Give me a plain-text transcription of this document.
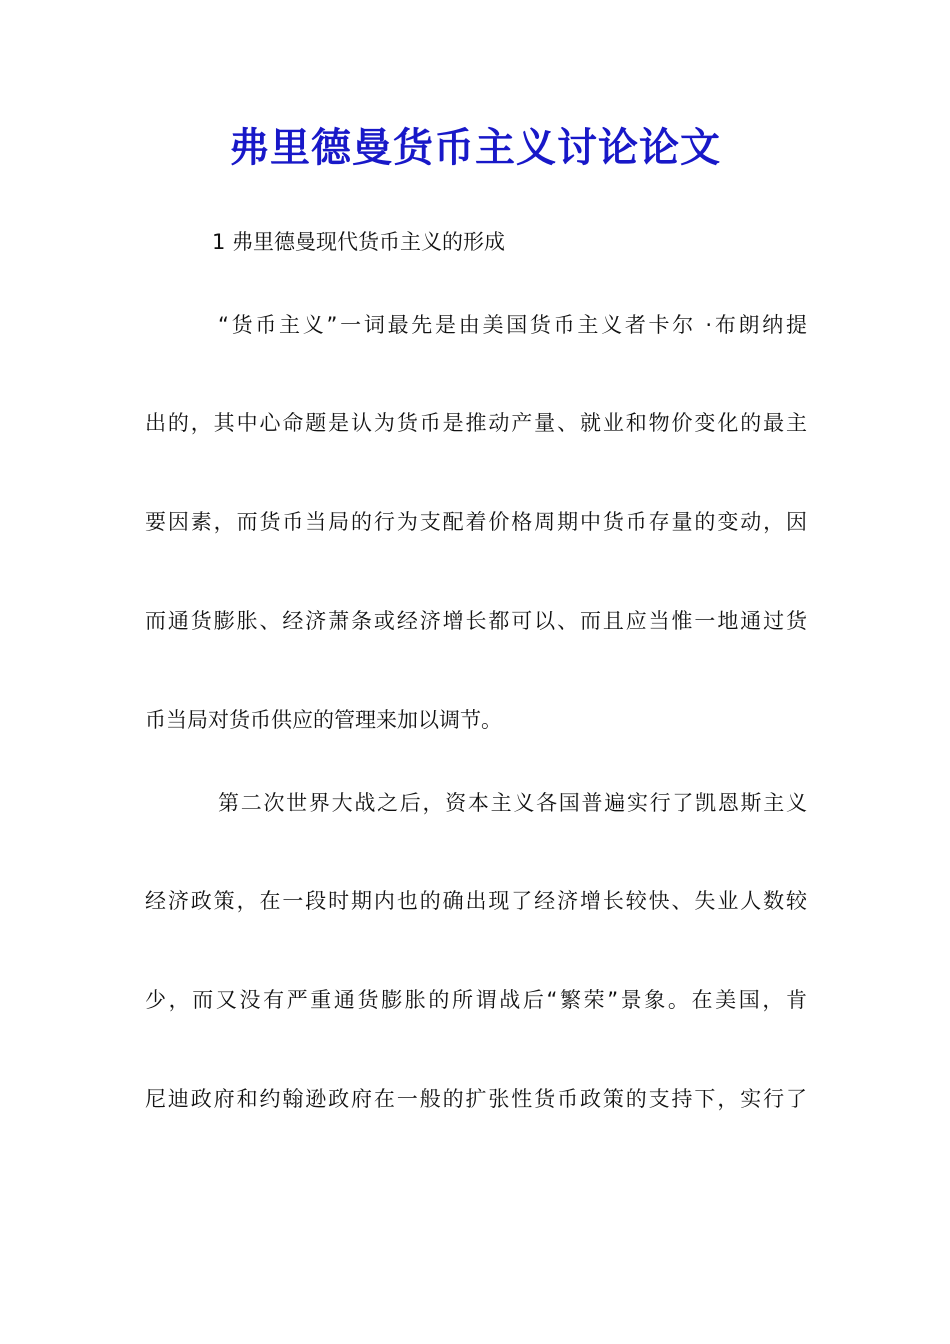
弗里德曼货币主义讨论论文

1 弗里德曼现代货币主义的形成

“货币主义”一词最先是由美国货币主义者卡尔 ·布朗纳提

出的，其中心命题是认为货币是推动产量、就业和物价变化的最主

要因素，而货币当局的行为支配着价格周期中货币存量的变动，因

而通货膨胀、经济萧条或经济增长都可以、而且应当惟一地通过货

币当局对货币供应的管理来加以调节。

第二次世界大战之后，资本主义各国普遍实行了凯恩斯主义

经济政策，在一段时期内也的确出现了经济增长较快、失业人数较

少，而又没有严重通货膨胀的所谓战后“繁荣”景象。在美国，肯

尼迪政府和约翰逊政府在一般的扩张性货币政策的支持下，实行了
